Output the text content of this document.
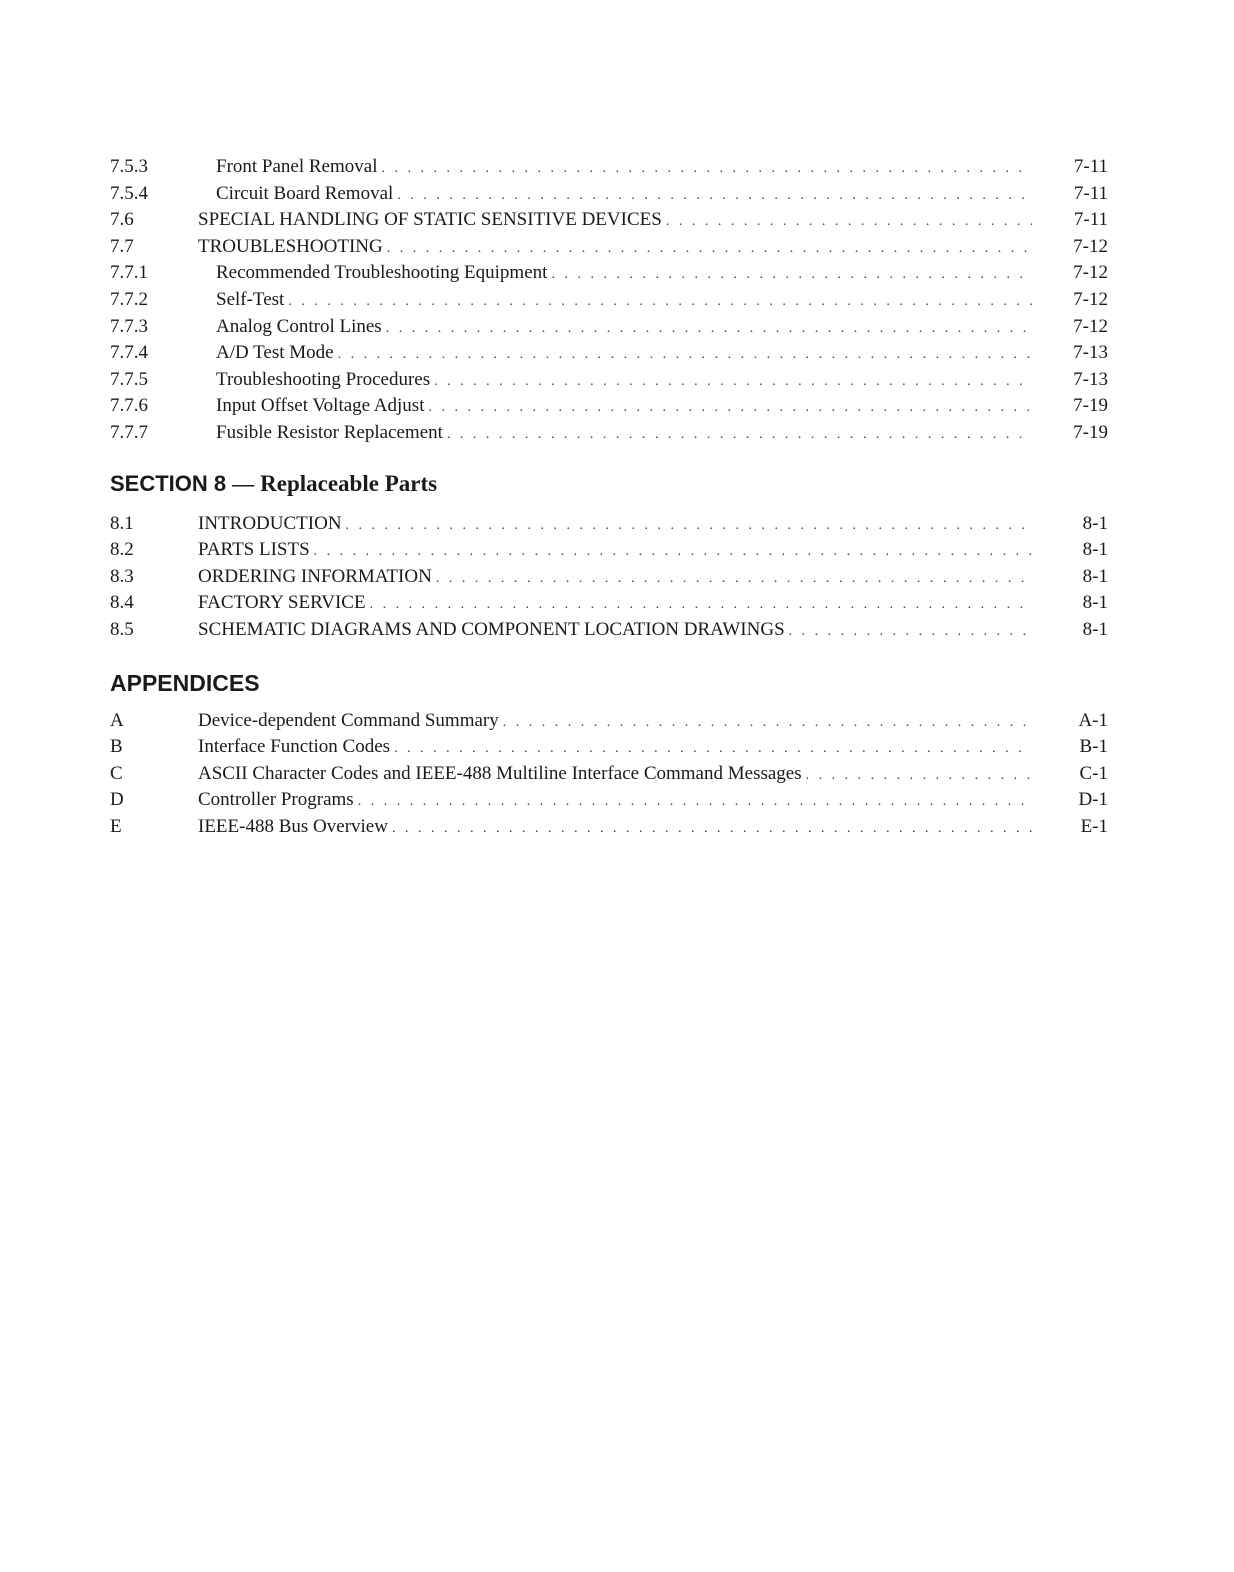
7.5.3	Front Panel Removal . . .	7-11
7.5.4	Circuit Board Removal . . .	7-11
7.6	SPECIAL HANDLING OF STATIC SENSITIVE DEVICES . . .	7-11
7.7	TROUBLESHOOTING . . .	7-12
7.7.1	Recommended Troubleshooting Equipment . . .	7-12
7.7.2	Self-Test . . .	7-12
7.7.3	Analog Control Lines . . .	7-12
7.7.4	A/D Test Mode . . .	7-13
7.7.5	Troubleshooting Procedures . . .	7-13
7.7.6	Input Offset Voltage Adjust . . .	7-19
7.7.7	Fusible Resistor Replacement . . .	7-19
SECTION 8 — Replaceable Parts
8.1	INTRODUCTION . . .	8-1
8.2	PARTS LISTS . . .	8-1
8.3	ORDERING INFORMATION . . .	8-1
8.4	FACTORY SERVICE . . .	8-1
8.5	SCHEMATIC DIAGRAMS AND COMPONENT LOCATION DRAWINGS . . .	8-1
APPENDICES
A	Device-dependent Command Summary . . .	A-1
B	Interface Function Codes . . .	B-1
C	ASCII Character Codes and IEEE-488 Multiline Interface Command Messages . . .	C-1
D	Controller Programs . . .	D-1
E	IEEE-488 Bus Overview . . .	E-1
